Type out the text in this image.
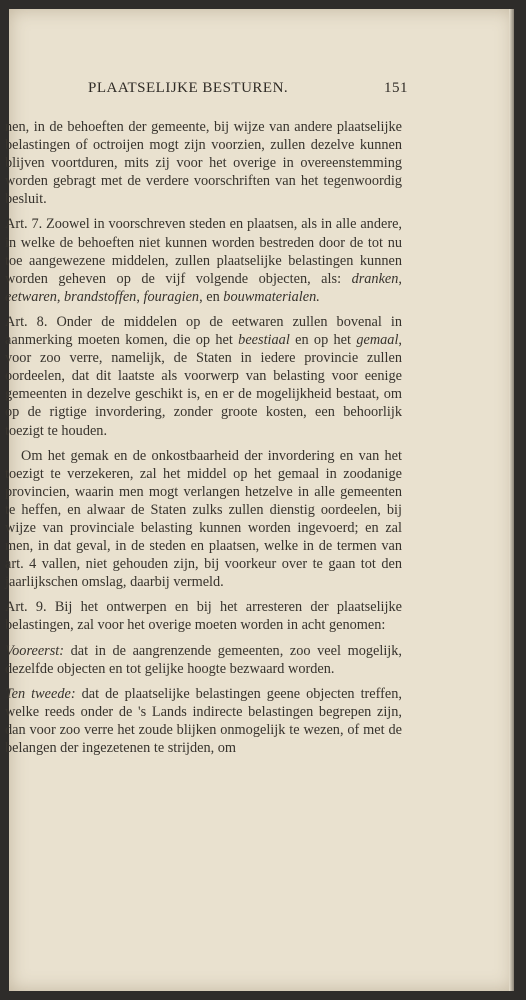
PLAATSELIJKE BESTUREN.	151

nen, in de behoeften der gemeente, bij wijze van andere plaatselijke belastingen of octroijen mogt zijn voorzien, zullen dezelve kunnen blijven voortduren, mits zij voor het overige in overeenstemming worden gebragt met de verdere voorschriften van het tegenwoordig besluit.

Art. 7. Zoowel in voorschreven steden en plaatsen, als in alle andere, in welke de behoeften niet kunnen worden bestreden door de tot nu toe aangewezene middelen, zullen plaatselijke belastingen kunnen worden geheven op de vijf volgende objecten, als: dranken, eetwaren, brandstoffen, fouragien, en bouwmaterialen.

Art. 8. Onder de middelen op de eetwaren zullen bovenal in aanmerking moeten komen, die op het beestiaal en op het gemaal, voor zoo verre, namelijk, de Staten in iedere provincie zullen oordeelen, dat dit laatste als voorwerp van belasting voor eenige gemeenten in dezelve geschikt is, en er de mogelijkheid bestaat, om op de rigtige invordering, zonder groote kosten, een behoorlijk toezigt te houden.

Om het gemak en de onkostbaarheid der invordering en van het toezigt te verzekeren, zal het middel op het gemaal in zoodanige provincien, waarin men mogt verlangen hetzelve in alle gemeenten te heffen, en alwaar de Staten zulks zullen dienstig oordeelen, bij wijze van provinciale belasting kunnen worden ingevoerd; en zal men, in dat geval, in de steden en plaatsen, welke in de termen van art. 4 vallen, niet gehouden zijn, bij voorkeur over te gaan tot den jaarlijkschen omslag, daarbij vermeld.

Art. 9. Bij het ontwerpen en bij het arresteren der plaatselijke belastingen, zal voor het overige moeten worden in acht genomen:

Vooreerst: dat in de aangrenzende gemeenten, zoo veel mogelijk, dezelfde objecten en tot gelijke hoogte bezwaard worden.

Ten tweede: dat de plaatselijke belastingen geene objecten treffen, welke reeds onder de 's Lands indirecte belastingen begrepen zijn, dan voor zoo verre het zoude blijken onmogelijk te wezen, of met de belangen der ingezetenen te strijden, om
